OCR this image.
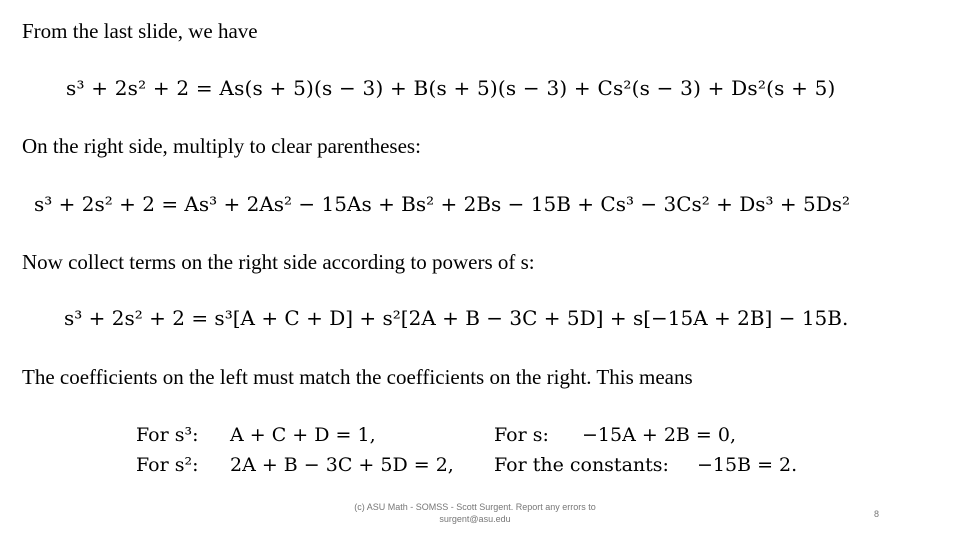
From the last slide, we have
s³ + 2s² + 2 = As(s + 5)(s − 3) + B(s + 5)(s − 3) + Cs²(s − 3) + Ds²(s + 5)
On the right side, multiply to clear parentheses:
s³ + 2s² + 2 = As³ + 2As² − 15As + Bs² + 2Bs − 15B + Cs³ − 3Cs² + Ds³ + 5Ds²
Now collect terms on the right side according to powers of s:
s³ + 2s² + 2 = s³[A + C + D] + s²[2A + B − 3C + 5D] + s[−15A + 2B] − 15B.
The coefficients on the left must match the coefficients on the right. This means
For s³: A + C + D = 1,	For s: −15A + 2B = 0,
For s²: 2A + B − 3C + 5D = 2, For the constants: −15B = 2.
(c) ASU Math - SOMSS - Scott Surgent. Report any errors to
surgent@asu.edu	8
